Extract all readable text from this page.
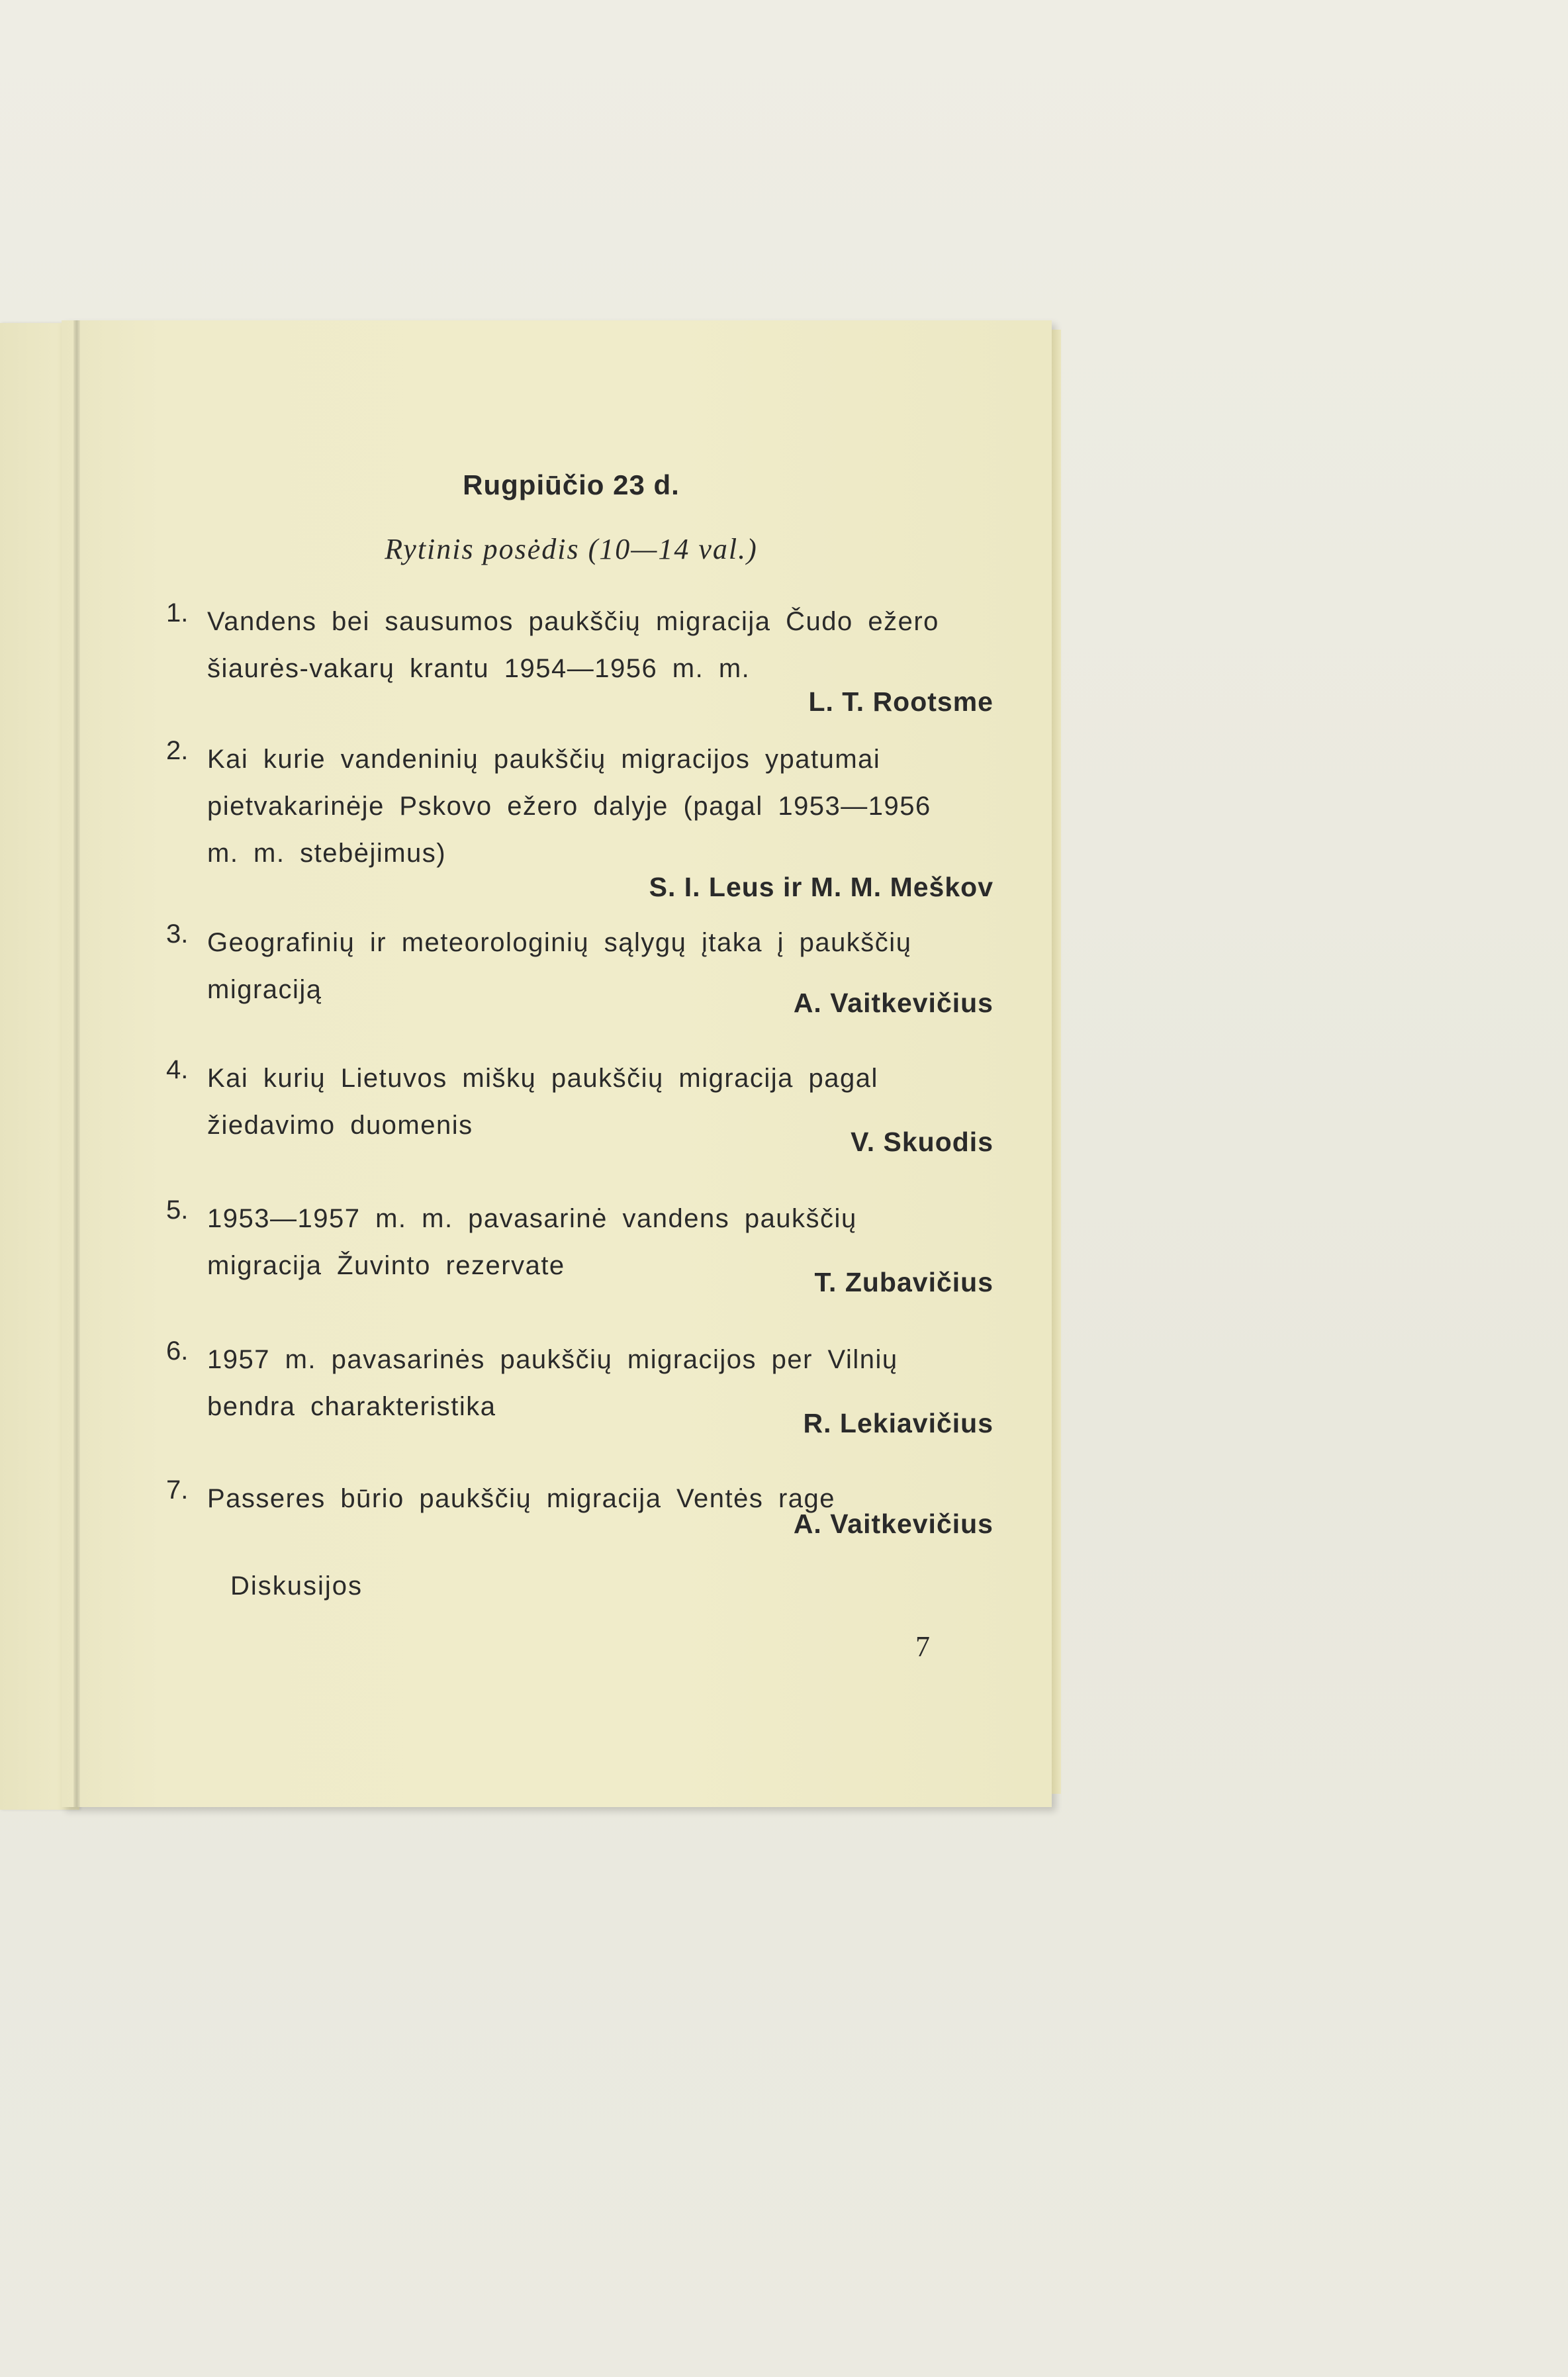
Rugpiūčio 23 d.
Rytinis posėdis (10—14 val.)
1. Vandens bei sausumos paukščių migracija Čudo ežero šiaurės-vakarų krantu 1954—1956 m. m.
L. T. Rootsme
2. Kai kurie vandeninių paukščių migracijos ypatumai pietvakarinėje Pskovo ežero dalyje (pagal 1953—1956 m. m. stebėjimus)
S. I. Leus ir M. M. Meškov
3. Geografinių ir meteorologinių sąlygų įtaka į paukščių migraciją	A. Vaitkevičius
4. Kai kurių Lietuvos miškų paukščių migracija pagal žiedavimo duomenis
V. Skuodis
5. 1953—1957 m. m. pavasarinė vandens paukščių migracija Žuvinto rezervate
T. Zubavičius
6. 1957 m. pavasarinės paukščių migracijos per Vilnių bendra charakteristika
R. Lekiavičius
7. Passeres būrio paukščių migracija Ventės rage
A. Vaitkevičius
Diskusijos
7
